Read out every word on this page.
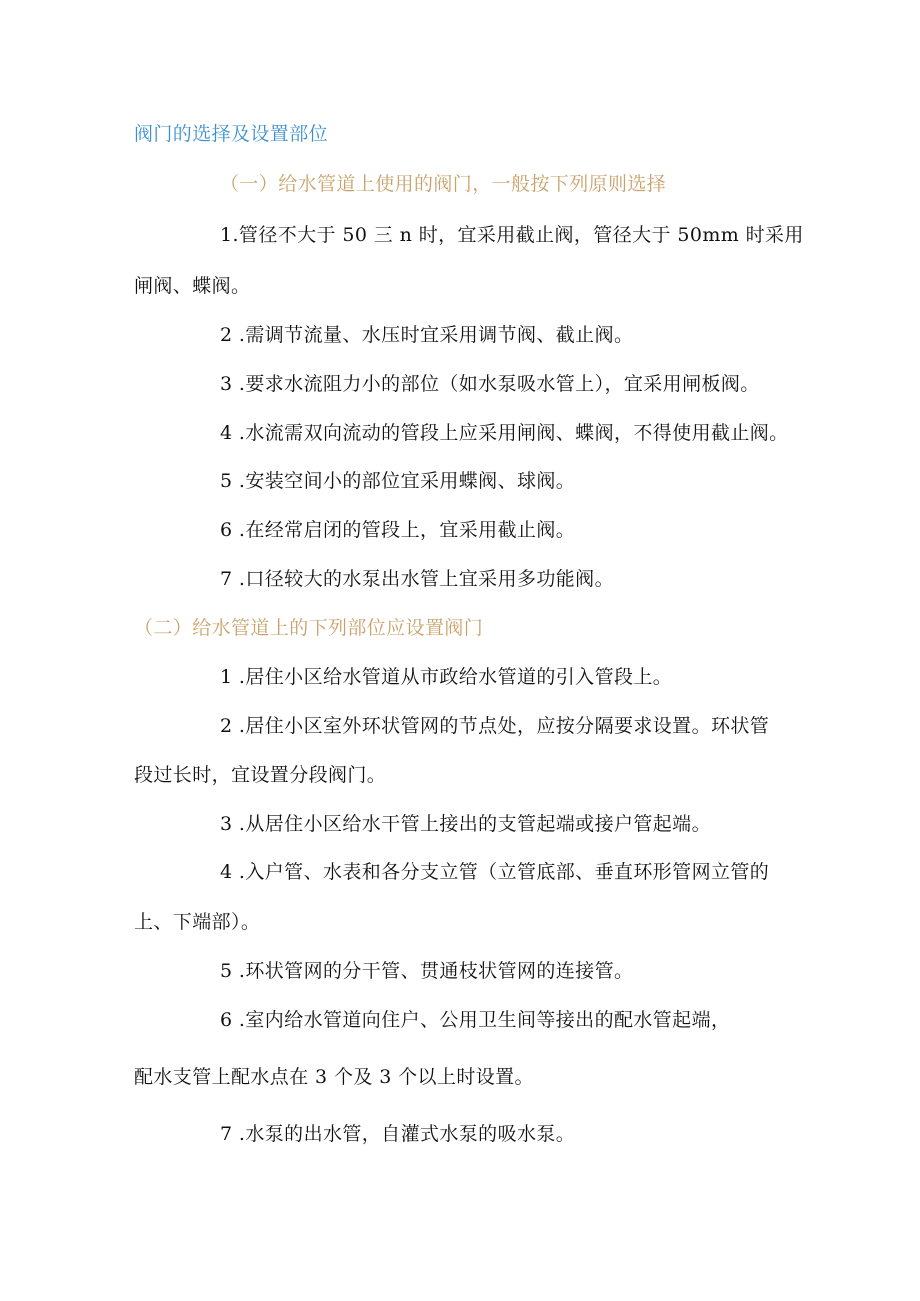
阀门的选择及设置部位
（一）给水管道上使用的阀门，一般按下列原则选择
1.管径不大于 50 三 n 时，宜采用截止阀，管径大于 50mm 时采用
闸阀、蝶阀。
2 .需调节流量、水压时宜采用调节阀、截止阀。
3 .要求水流阻力小的部位（如水泵吸水管上），宜采用闸板阀。
4 .水流需双向流动的管段上应采用闸阀、蝶阀，不得使用截止阀。
5 .安装空间小的部位宜采用蝶阀、球阀。
6 .在经常启闭的管段上，宜采用截止阀。
7 .口径较大的水泵出水管上宜采用多功能阀。
（二）给水管道上的下列部位应设置阀门
1 .居住小区给水管道从市政给水管道的引入管段上。
2 .居住小区室外环状管网的节点处，应按分隔要求设置。环状管
段过长时，宜设置分段阀门。
3 .从居住小区给水干管上接出的支管起端或接户管起端。
4 .入户管、水表和各分支立管（立管底部、垂直环形管网立管的
上、下端部）。
5 .环状管网的分干管、贯通枝状管网的连接管。
6 .室内给水管道向住户、公用卫生间等接出的配水管起端，
配水支管上配水点在 3 个及 3 个以上时设置。
7 .水泵的出水管，自灌式水泵的吸水泵。
